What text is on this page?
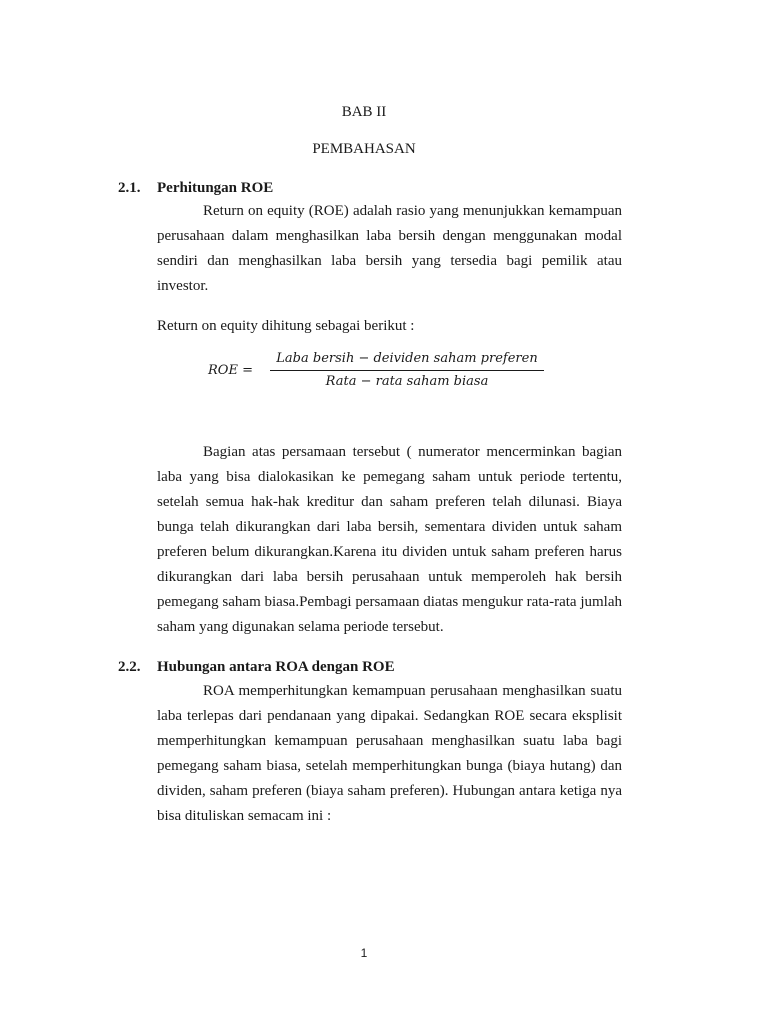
BAB II
PEMBAHASAN
2.1. Perhitungan ROE

Return on equity (ROE) adalah rasio yang menunjukkan kemampuan perusahaan dalam menghasilkan laba bersih dengan menggunakan modal sendiri dan menghasilkan laba bersih yang tersedia bagi pemilik atau investor.

Return on equity dihitung sebagai berikut :
ROE =
Laba bersih − deividen saham preferen
Rata − rata saham biasa

Bagian atas persamaan tersebut ( numerator mencerminkan bagian laba yang bisa dialokasikan ke pemegang saham untuk periode tertentu, setelah semua hak-hak kreditur dan saham preferen telah dilunasi. Biaya bunga telah dikurangkan dari laba bersih, sementara dividen untuk saham preferen belum dikurangkan.Karena itu dividen untuk saham preferen harus dikurangkan dari laba bersih perusahaan untuk memperoleh hak bersih pemegang saham biasa.Pembagi persamaan diatas mengukur rata-rata jumlah saham yang digunakan selama periode tersebut.

2.2. Hubungan antara ROA dengan ROE

ROA memperhitungkan kemampuan perusahaan menghasilkan suatu laba terlepas dari pendanaan yang dipakai. Sedangkan ROE secara eksplisit memperhitungkan kemampuan perusahaan menghasilkan suatu laba bagi pemegang saham biasa, setelah memperhitungkan bunga (biaya hutang) dan dividen, saham preferen (biaya saham preferen). Hubungan antara ketiga nya bisa dituliskan semacam ini :

1
